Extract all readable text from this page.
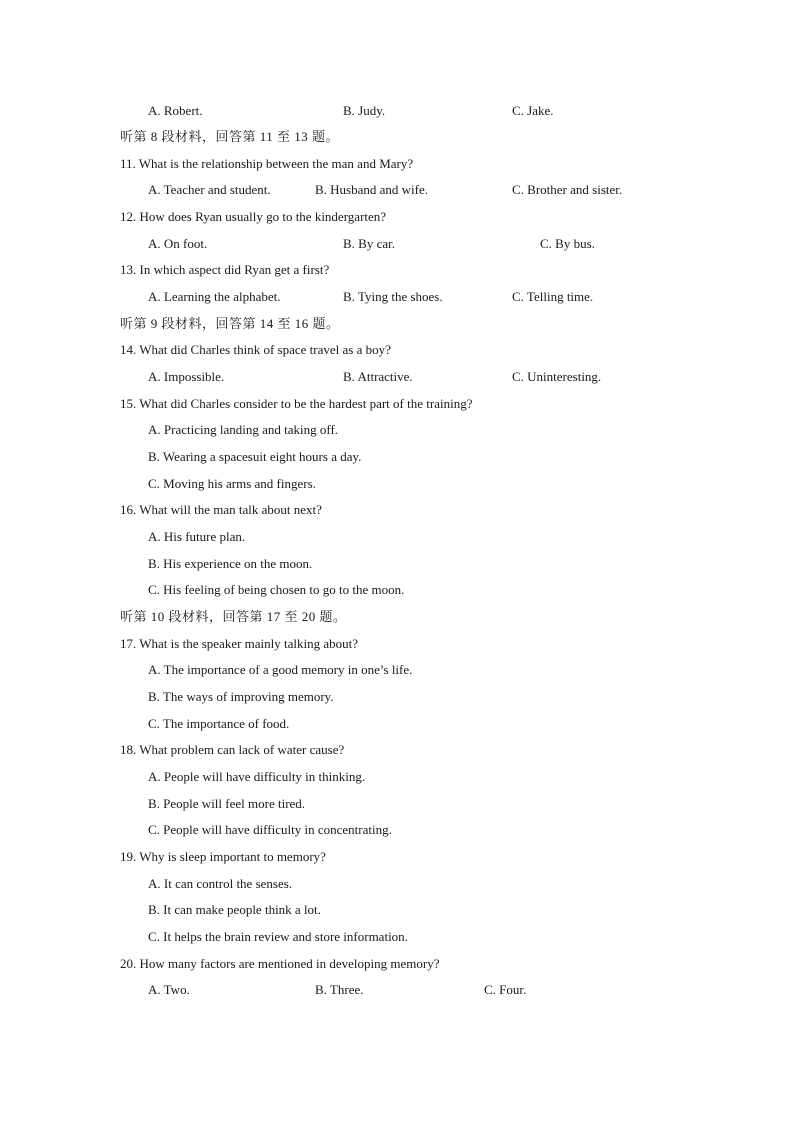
A. Robert.	B. Judy.	C. Jake.
听第 8 段材料，回答第 11 至 13 题。
11. What is the relationship between the man and Mary?
A. Teacher and student.	B. Husband and wife.	C. Brother and sister.
12. How does Ryan usually go to the kindergarten?
A. On foot.	B. By car.	C. By bus.
13. In which aspect did Ryan get a first?
A. Learning the alphabet.	B. Tying the shoes.	C. Telling time.
听第 9 段材料，回答第 14 至 16 题。
14. What did Charles think of space travel as a boy?
A. Impossible.	B. Attractive.	C. Uninteresting.
15. What did Charles consider to be the hardest part of the training?
A. Practicing landing and taking off.
B. Wearing a spacesuit eight hours a day.
C. Moving his arms and fingers.
16. What will the man talk about next?
A. His future plan.
B. His experience on the moon.
C. His feeling of being chosen to go to the moon.
听第 10 段材料，回答第 17 至 20 题。
17. What is the speaker mainly talking about?
A. The importance of a good memory in one’s life.
B. The ways of improving memory.
C. The importance of food.
18. What problem can lack of water cause?
A. People will have difficulty in thinking.
B. People will feel more tired.
C. People will have difficulty in concentrating.
19. Why is sleep important to memory?
A. It can control the senses.
B. It can make people think a lot.
C. It helps the brain review and store information.
20. How many factors are mentioned in developing memory?
A. Two.	B. Three.	C. Four.
